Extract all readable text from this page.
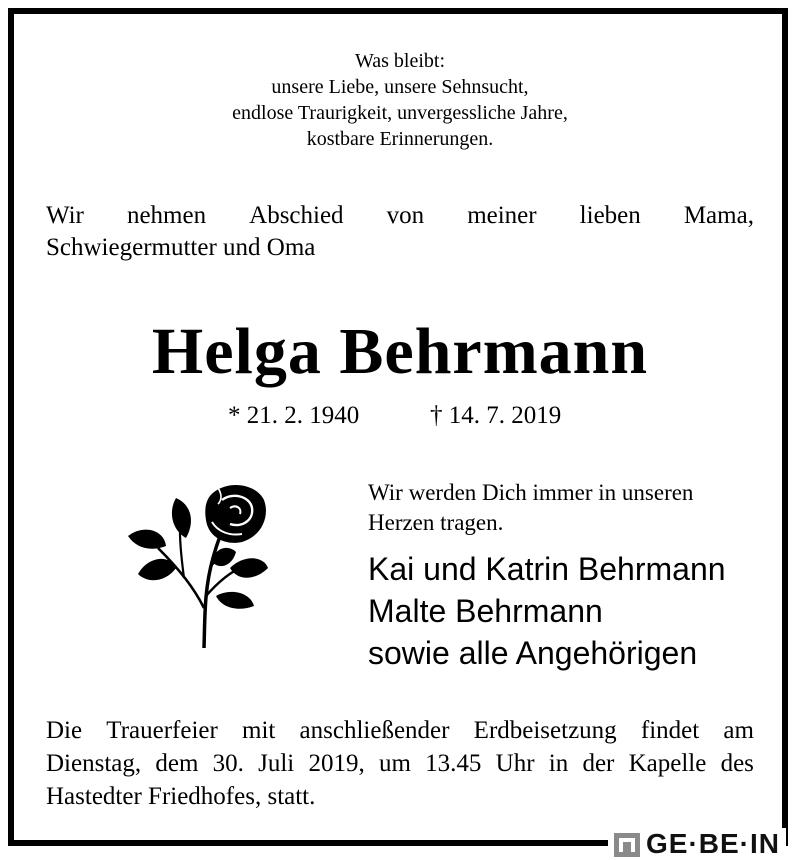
Was bleibt:
unsere Liebe, unsere Sehnsucht,
endlose Traurigkeit, unvergessliche Jahre,
kostbare Erinnerungen.
Wir nehmen Abschied von meiner lieben Mama,
Schwiegermutter und Oma
Helga Behrmann
* 21. 2. 1940	† 14. 7. 2019
Wir werden Dich immer in unseren
Herzen tragen.
Kai und Katrin Behrmann
Malte Behrmann
sowie alle Angehörigen
Die Trauerfeier mit anschließender Erdbeisetzung findet am
Dienstag, dem 30. Juli 2019, um 13.45 Uhr in der Kapelle des
Hastedter Friedhofes, statt.
GE·BE·IN
